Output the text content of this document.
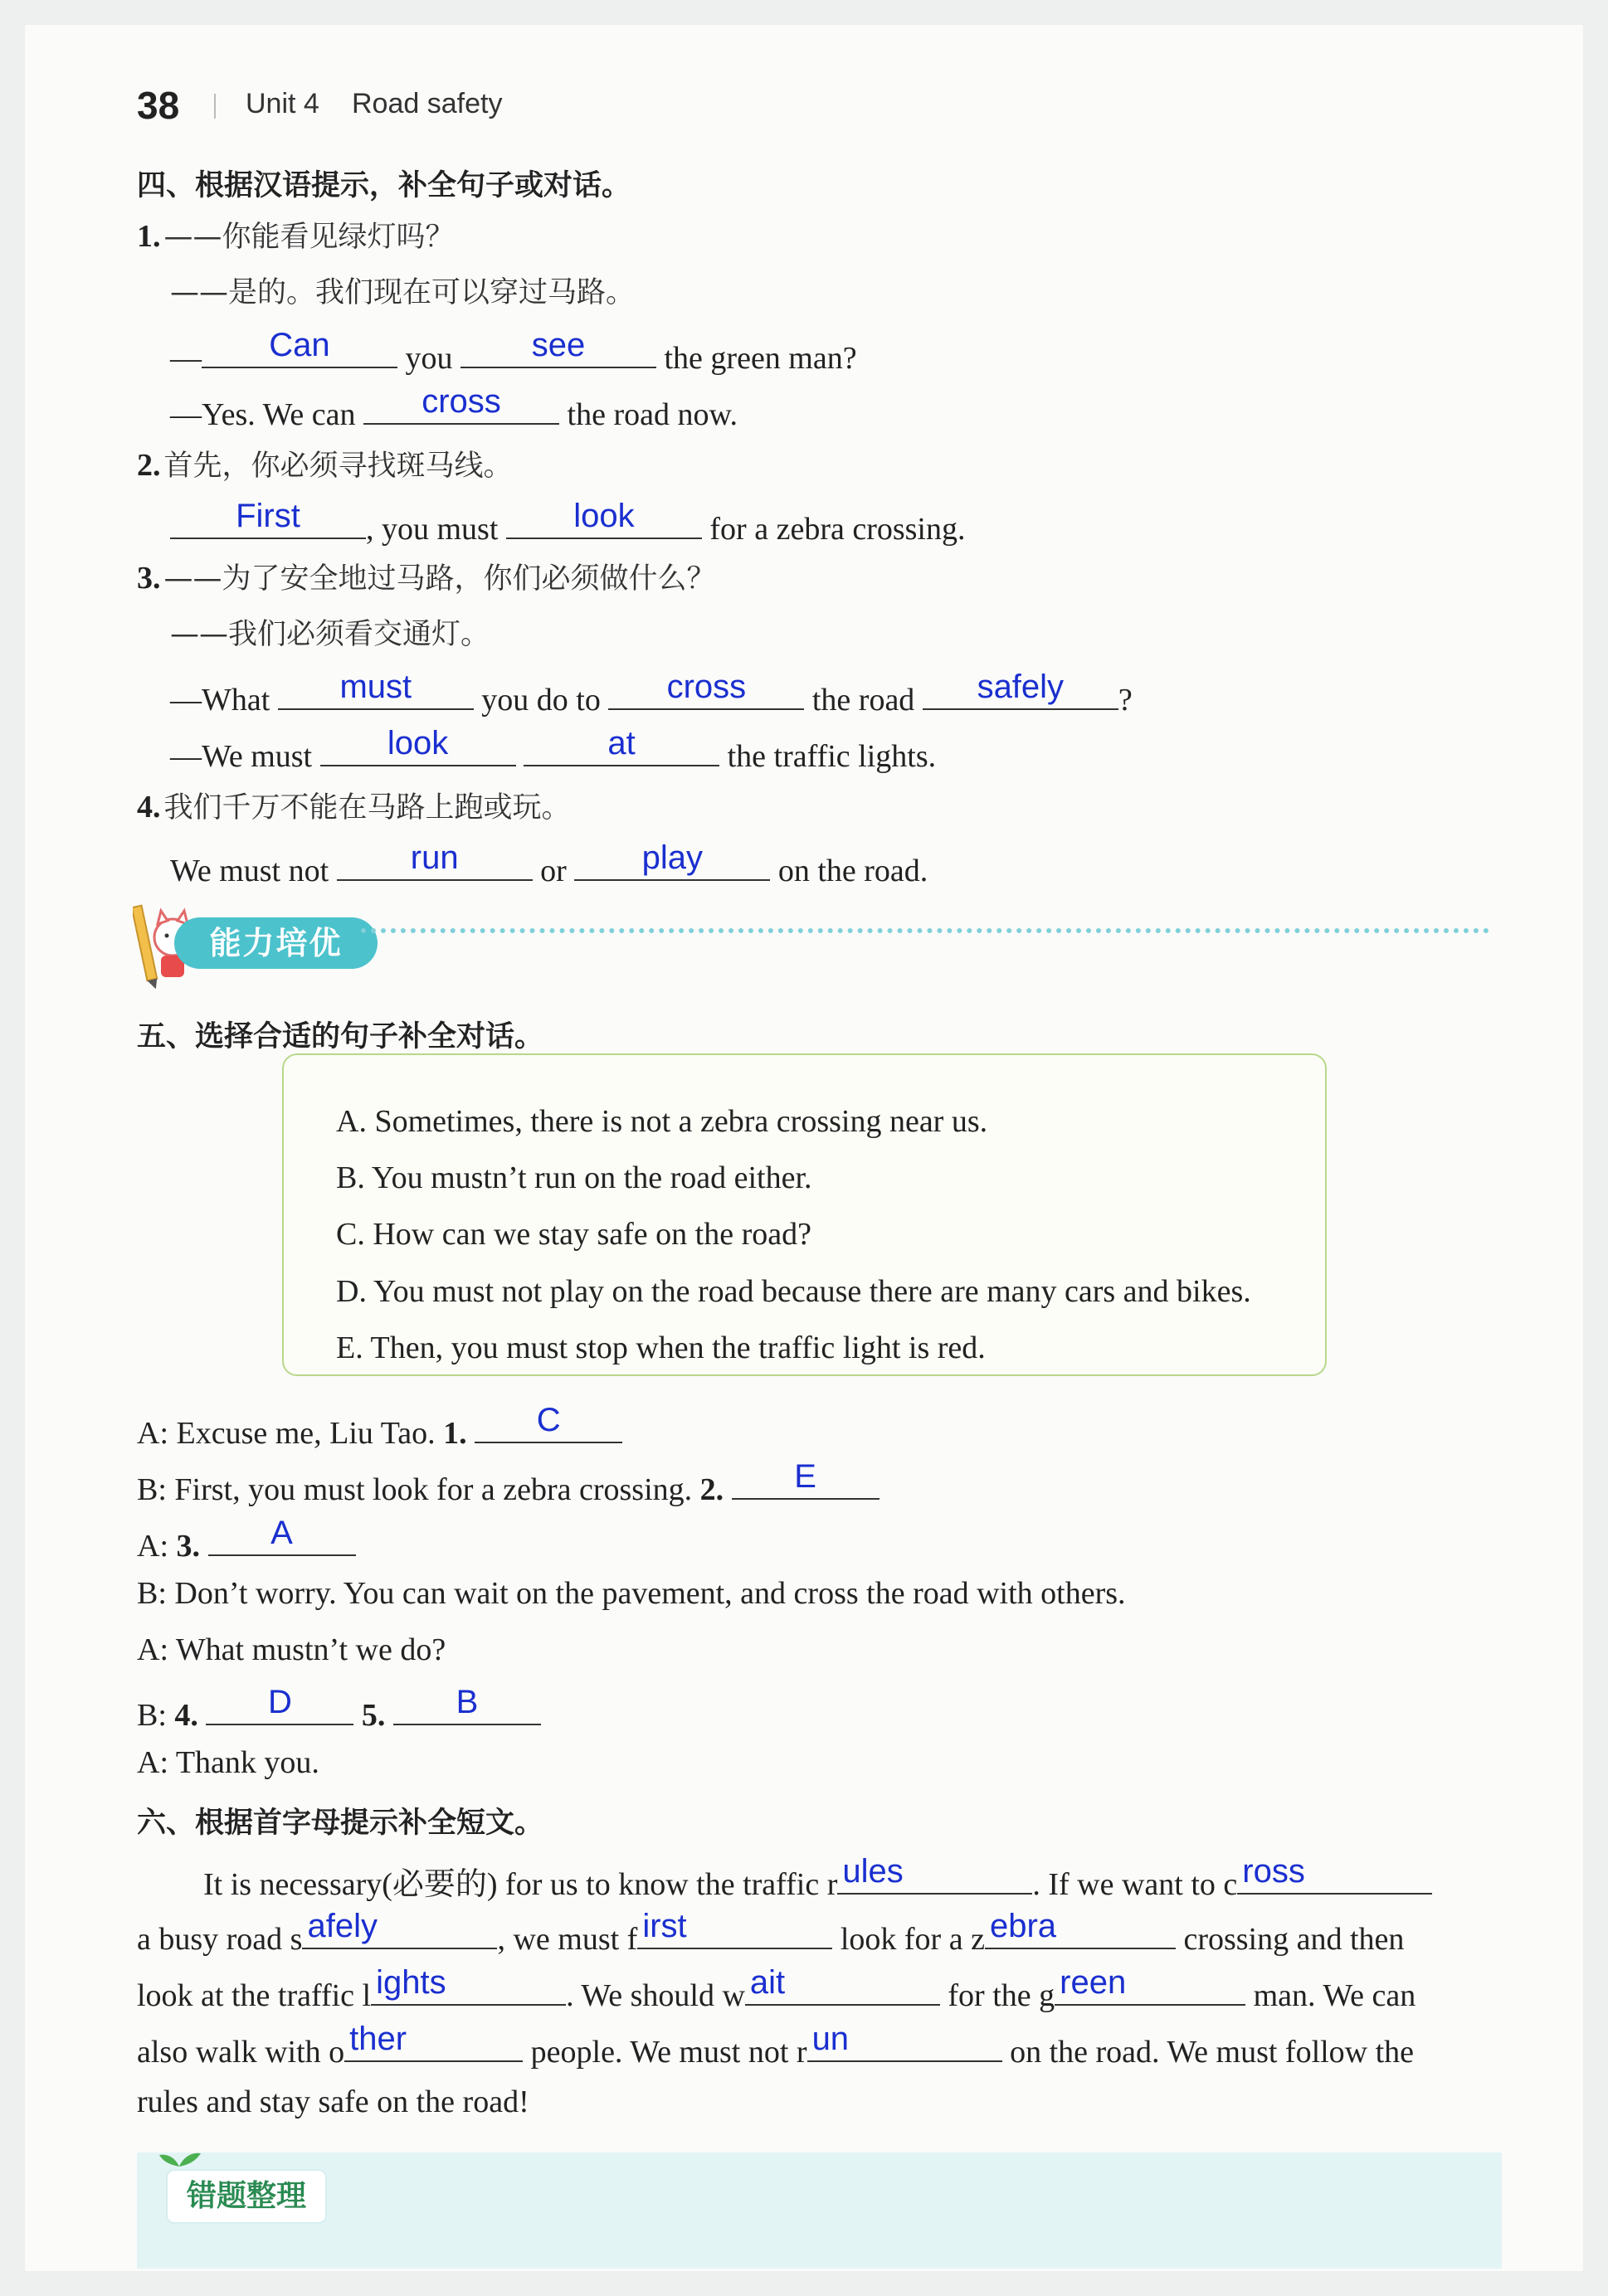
38 Unit 4 Road safety
四、根据汉语提示，补全句子或对话。
1. ——你能看见绿灯吗？
——是的。我们现在可以穿过马路。
—	Can	you	see	the green man?
—Yes. We can	cross	the road now.
2. 首先，你必须寻找斑马线。
First	, you must	look	for a zebra crossing.
3. ——为了安全地过马路，你们必须做什么？
——我们必须看交通灯。
—What	must	you do to	cross	the road	safely	?
—We must	look
	at	the traffic lights.
4. 我们千万不能在马路上跑或玩。
We must not	run	or	play	on the road.
能力培优
五、选择合适的句子补全对话。
A. Sometimes, there is not a zebra crossing near us.
B. You mustn’t run on the road either.
C. How can we stay safe on the road?
D. You must not play on the road because there are many cars and bikes.
E. Then, you must stop when the traffic light is red.
A: Excuse me, Liu Tao. 1.	C
B: First, you must look for a zebra crossing. 2.	E
A: 3.	A
B: Don’t worry. You can wait on the pavement, and cross the road with others.
A: What mustn’t we do?
B: 4.	D	5.	B
A: Thank you.
六、根据首字母提示补全短文。
It is necessary(必要的) for us to know the traffic r ules	. If we want to c ross
a busy road s afely	, we must f irst	look for a z ebra	crossing and then
look at the traffic l ights	. We should w ait	for the g reen	man. We can
also walk with o ther	people. We must not r un	on the road. We must follow the
rules and stay safe on the road!
错题整理
